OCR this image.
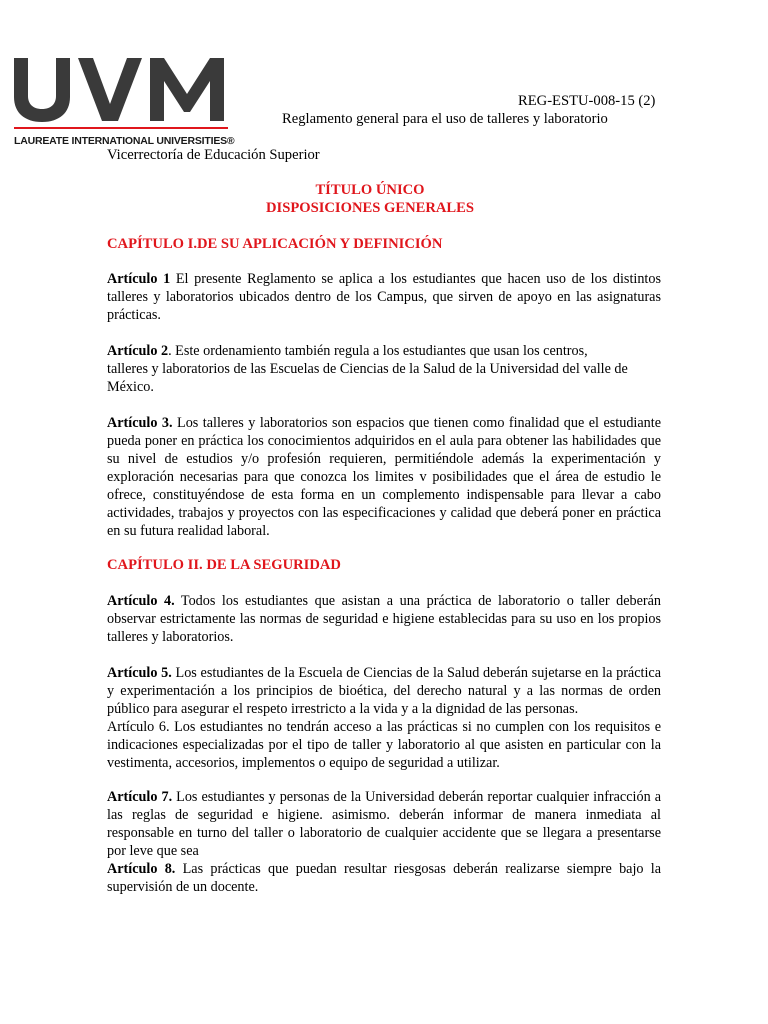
LAUREATE INTERNATIONAL UNIVERSITIES®
REG-ESTU-008-15 (2)
Reglamento general para el uso de talleres y laboratorio
Vicerrectoría de Educación Superior
TÍTULO ÚNICO
DISPOSICIONES GENERALES
CAPÍTULO I.DE SU APLICACIÓN Y DEFINICIÓN
Artículo 1 El presente Reglamento se aplica a los estudiantes que hacen uso de los distintos talleres y laboratorios ubicados dentro de los Campus, que sirven de apoyo en las asignaturas prácticas.
Artículo 2. Este ordenamiento también regula a los estudiantes que usan los centros,
talleres y laboratorios de las Escuelas de Ciencias de la Salud de la Universidad del valle de México.
Artículo 3. Los talleres y laboratorios son espacios que tienen como finalidad que el estudiante pueda poner en práctica los conocimientos adquiridos en el aula para obtener las habilidades que su nivel de estudios y/o profesión requieren, permitiéndole además la experimentación y exploración necesarias para que conozca los limites v posibilidades que el área de estudio le ofrece, constituyéndose de esta forma en un complemento indispensable para llevar a cabo actividades, trabajos y proyectos con las especificaciones y calidad que deberá poner en práctica en su futura realidad laboral.
CAPÍTULO II. DE LA SEGURIDAD
Artículo 4. Todos los estudiantes que asistan a una práctica de laboratorio o taller deberán observar estrictamente las normas de seguridad e higiene establecidas para su uso en los propios talleres y laboratorios.
Artículo 5. Los estudiantes de la Escuela de Ciencias de la Salud deberán sujetarse en la práctica y experimentación a los principios de bioética, del derecho natural y a las normas de orden público para asegurar el respeto irrestricto a la vida y a la dignidad de las personas.
Artículo 6. Los estudiantes no tendrán acceso a las prácticas si no cumplen con los requisitos e indicaciones especializadas por el tipo de taller y laboratorio al que asisten en particular con la vestimenta, accesorios, implementos o equipo de seguridad a utilizar.
Artículo 7. Los estudiantes y personas de la Universidad deberán reportar cualquier infracción a las reglas de seguridad e higiene. asimismo. deberán informar de manera inmediata al responsable en turno del taller o laboratorio de cualquier accidente que se llegara a presentarse por leve que sea
Artículo 8. Las prácticas que puedan resultar riesgosas deberán realizarse siempre bajo la supervisión de un docente.
